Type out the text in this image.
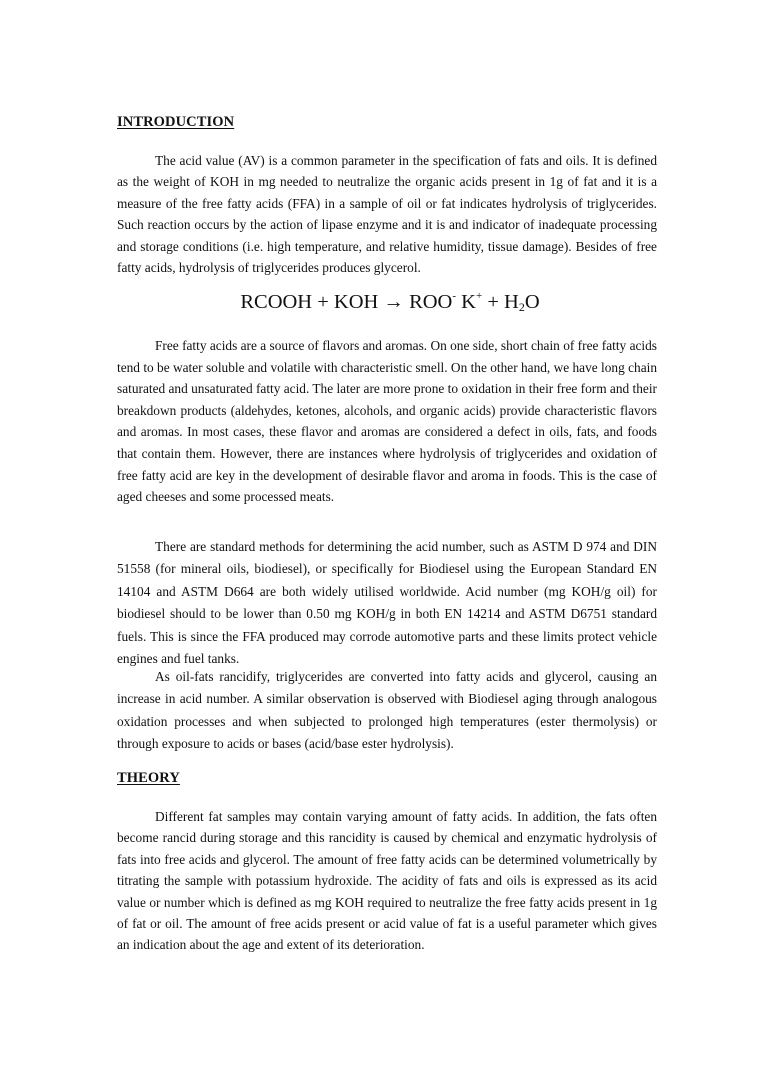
INTRODUCTION

The acid value (AV) is a common parameter in the specification of fats and oils. It is defined as the weight of KOH in mg needed to neutralize the organic acids present in 1g of fat and it is a measure of the free fatty acids (FFA) in a sample of oil or fat indicates hydrolysis of triglycerides. Such reaction occurs by the action of lipase enzyme and it is and indicator of inadequate processing and storage conditions (i.e. high temperature, and relative humidity, tissue damage). Besides of free fatty acids, hydrolysis of triglycerides produces glycerol.

RCOOH + KOH → ROO- $K^+ + H_2O$

Free fatty acids are a source of flavors and aromas. On one side, short chain of free fatty acids tend to be water soluble and volatile with characteristic smell. On the other hand, we have long chain saturated and unsaturated fatty acid. The later are more prone to oxidation in their free form and their breakdown products (aldehydes, ketones, alcohols, and organic acids) provide characteristic flavors and aromas. In most cases, these flavor and aromas are considered a defect in oils, fats, and foods that contain them. However, there are instances where hydrolysis of triglycerides and oxidation of free fatty acid are key in the development of desirable flavor and aroma in foods. This is the case of aged cheeses and some processed meats.

There are standard methods for determining the acid number, such as ASTM D 974 and DIN 51558 (for mineral oils, biodiesel), or specifically for Biodiesel using the European Standard EN 14104 and ASTM D664 are both widely utilised worldwide. Acid number (mg KOH/g oil) for biodiesel should to be lower than 0.50 mg KOH/g in both EN 14214 and ASTM D6751 standard fuels. This is since the FFA produced may corrode automotive parts and these limits protect vehicle engines and fuel tanks.

As oil-fats rancidify, triglycerides are converted into fatty acids and glycerol, causing an increase in acid number. A similar observation is observed with Biodiesel aging through analogous oxidation processes and when subjected to prolonged high temperatures (ester thermolysis) or through exposure to acids or bases (acid/base ester hydrolysis).

THEORY

Different fat samples may contain varying amount of fatty acids. In addition, the fats often become rancid during storage and this rancidity is caused by chemical and enzymatic hydrolysis of fats into free acids and glycerol. The amount of free fatty acids can be determined volumetrically by titrating the sample with potassium hydroxide. The acidity of fats and oils is expressed as its acid value or number which is defined as mg KOH required to neutralize the free fatty acids present in 1g of fat or oil. The amount of free acids present or acid value of fat is a useful parameter which gives an indication about the age and extent of its deterioration.
